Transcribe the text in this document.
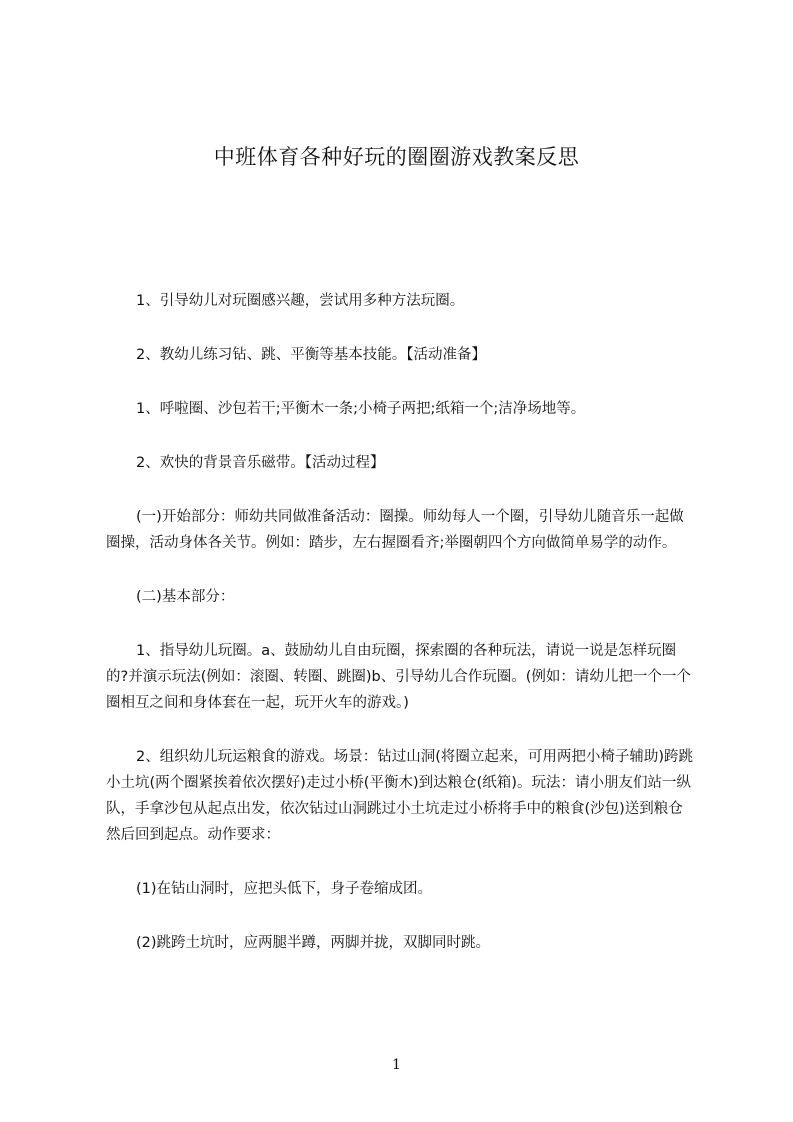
中班体育各种好玩的圈圈游戏教案反思

1、引导幼儿对玩圈感兴趣，尝试用多种方法玩圈。

2、教幼儿练习钻、跳、平衡等基本技能。【活动准备】

1、呼啦圈、沙包若干;平衡木一条;小椅子两把;纸箱一个;洁净场地等。

2、欢快的背景音乐磁带。【活动过程】

(一)开始部分：师幼共同做准备活动：圈操。师幼每人一个圈，引导幼儿随音乐一起做圈操，活动身体各关节。例如：踏步，左右握圈看齐;举圈朝四个方向做简单易学的动作。

(二)基本部分：

1、指导幼儿玩圈。a、鼓励幼儿自由玩圈，探索圈的各种玩法，请说一说是怎样玩圈的?并演示玩法(例如：滚圈、转圈、跳圈)b、引导幼儿合作玩圈。(例如：请幼儿把一个一个圈相互之间和身体套在一起，玩开火车的游戏。)

2、组织幼儿玩运粮食的游戏。场景：钻过山洞(将圈立起来，可用两把小椅子辅助)跨跳小土坑(两个圈紧挨着依次摆好)走过小桥(平衡木)到达粮仓(纸箱)。玩法：请小朋友们站一纵队，手拿沙包从起点出发，依次钻过山洞跳过小土坑走过小桥将手中的粮食(沙包)送到粮仓然后回到起点。动作要求：

(1)在钻山洞时，应把头低下，身子卷缩成团。

(2)跳跨土坑时，应两腿半蹲，两脚并拢，双脚同时跳。

1
